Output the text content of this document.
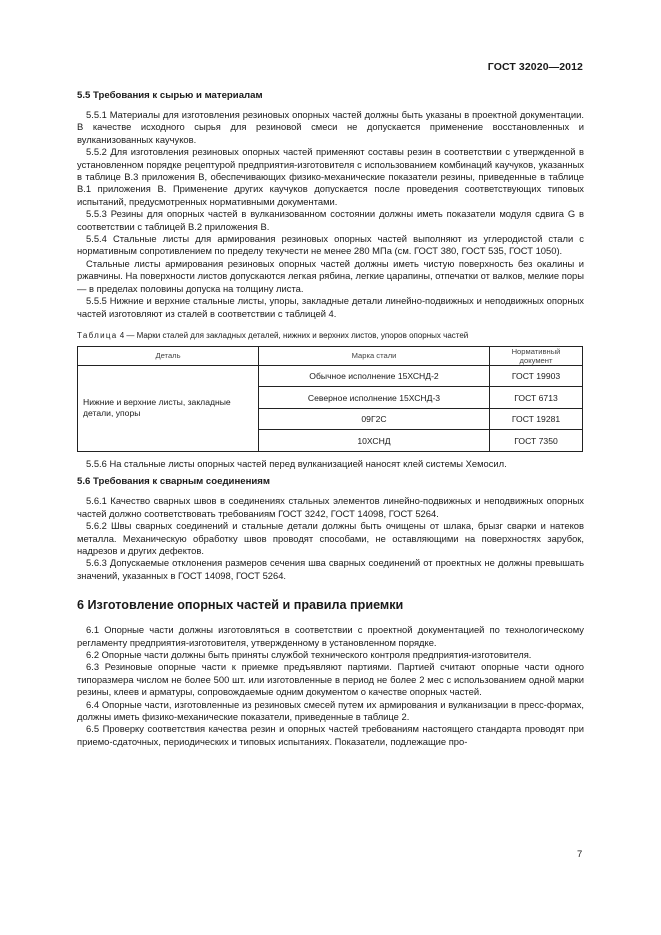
ГОСТ 32020—2012
5.5 Требования к сырью и материалам

5.5.1 Материалы для изготовления резиновых опорных частей должны быть указаны в проектной документации. В качестве исходного сырья для резиновой смеси не допускается применение восстановленных и вулканизованных каучуков.

5.5.2 Для изготовления резиновых опорных частей применяют составы резин в соответствии с утвержденной в установленном порядке рецептурой предприятия-изготовителя с использованием комбинаций каучуков, указанных в таблице В.3 приложения В, обеспечивающих физико-механические показатели резины, приведенные в таблице В.1 приложения В. Применение других каучуков допускается после проведения соответствующих типовых испытаний, предусмотренных нормативными документами.

5.5.3 Резины для опорных частей в вулканизованном состоянии должны иметь показатели модуля сдвига G в соответствии с таблицей В.2 приложения В.

5.5.4 Стальные листы для армирования резиновых опорных частей выполняют из углеродистой стали с нормативным сопротивлением по пределу текучести не менее 280 МПа (см. ГОСТ 380, ГОСТ 535, ГОСТ 1050).

Стальные листы армирования резиновых опорных частей должны иметь чистую поверхность без окалины и ржавчины. На поверхности листов допускаются легкая рябина, легкие царапины, отпечатки от валков, мелкие поры — в пределах половины допуска на толщину листа.

5.5.5 Нижние и верхние стальные листы, упоры, закладные детали линейно-подвижных и неподвижных опорных частей изготовляют из сталей в соответствии с таблицей 4.

Таблица 4 — Марки сталей для закладных деталей, нижних и верхних листов, упоров опорных частей
Деталь	Марка стали	Нормативный документ
Нижние и верхние листы, закладные детали, упоры	Обычное исполнение 15ХСНД-2	ГОСТ 19903
	Северное исполнение 15ХСНД-3	ГОСТ 6713
	09Г2С	ГОСТ 19281
	10ХСНД	ГОСТ 7350

5.5.6 На стальные листы опорных частей перед вулканизацией наносят клей системы Хемосил.

5.6 Требования к сварным соединениям

5.6.1 Качество сварных швов в соединениях стальных элементов линейно-подвижных и неподвижных опорных частей должно соответствовать требованиям ГОСТ 3242, ГОСТ 14098, ГОСТ 5264.

5.6.2 Швы сварных соединений и стальные детали должны быть очищены от шлака, брызг сварки и натеков металла. Механическую обработку швов проводят способами, не оставляющими на поверхностях зарубок, надрезов и других дефектов.

5.6.3 Допускаемые отклонения размеров сечения шва сварных соединений от проектных не должны превышать значений, указанных в ГОСТ 14098, ГОСТ 5264.

6 Изготовление опорных частей и правила приемки

6.1 Опорные части должны изготовляться в соответствии с проектной документацией по технологическому регламенту предприятия-изготовителя, утвержденному в установленном порядке.

6.2 Опорные части должны быть приняты службой технического контроля предприятия-изготовителя.

6.3 Резиновые опорные части к приемке предъявляют партиями. Партией считают опорные части одного типоразмера числом не более 500 шт. или изготовленные в период не более 2 мес с использованием одной марки резины, клеев и арматуры, сопровождаемые одним документом о качестве опорных частей.

6.4 Опорные части, изготовленные из резиновых смесей путем их армирования и вулканизации в пресс-формах, должны иметь физико-механические показатели, приведенные в таблице 2.

6.5 Проверку соответствия качества резин и опорных частей требованиям настоящего стандарта проводят при приемо-сдаточных, периодических и типовых испытаниях. Показатели, подлежащие про-

7
